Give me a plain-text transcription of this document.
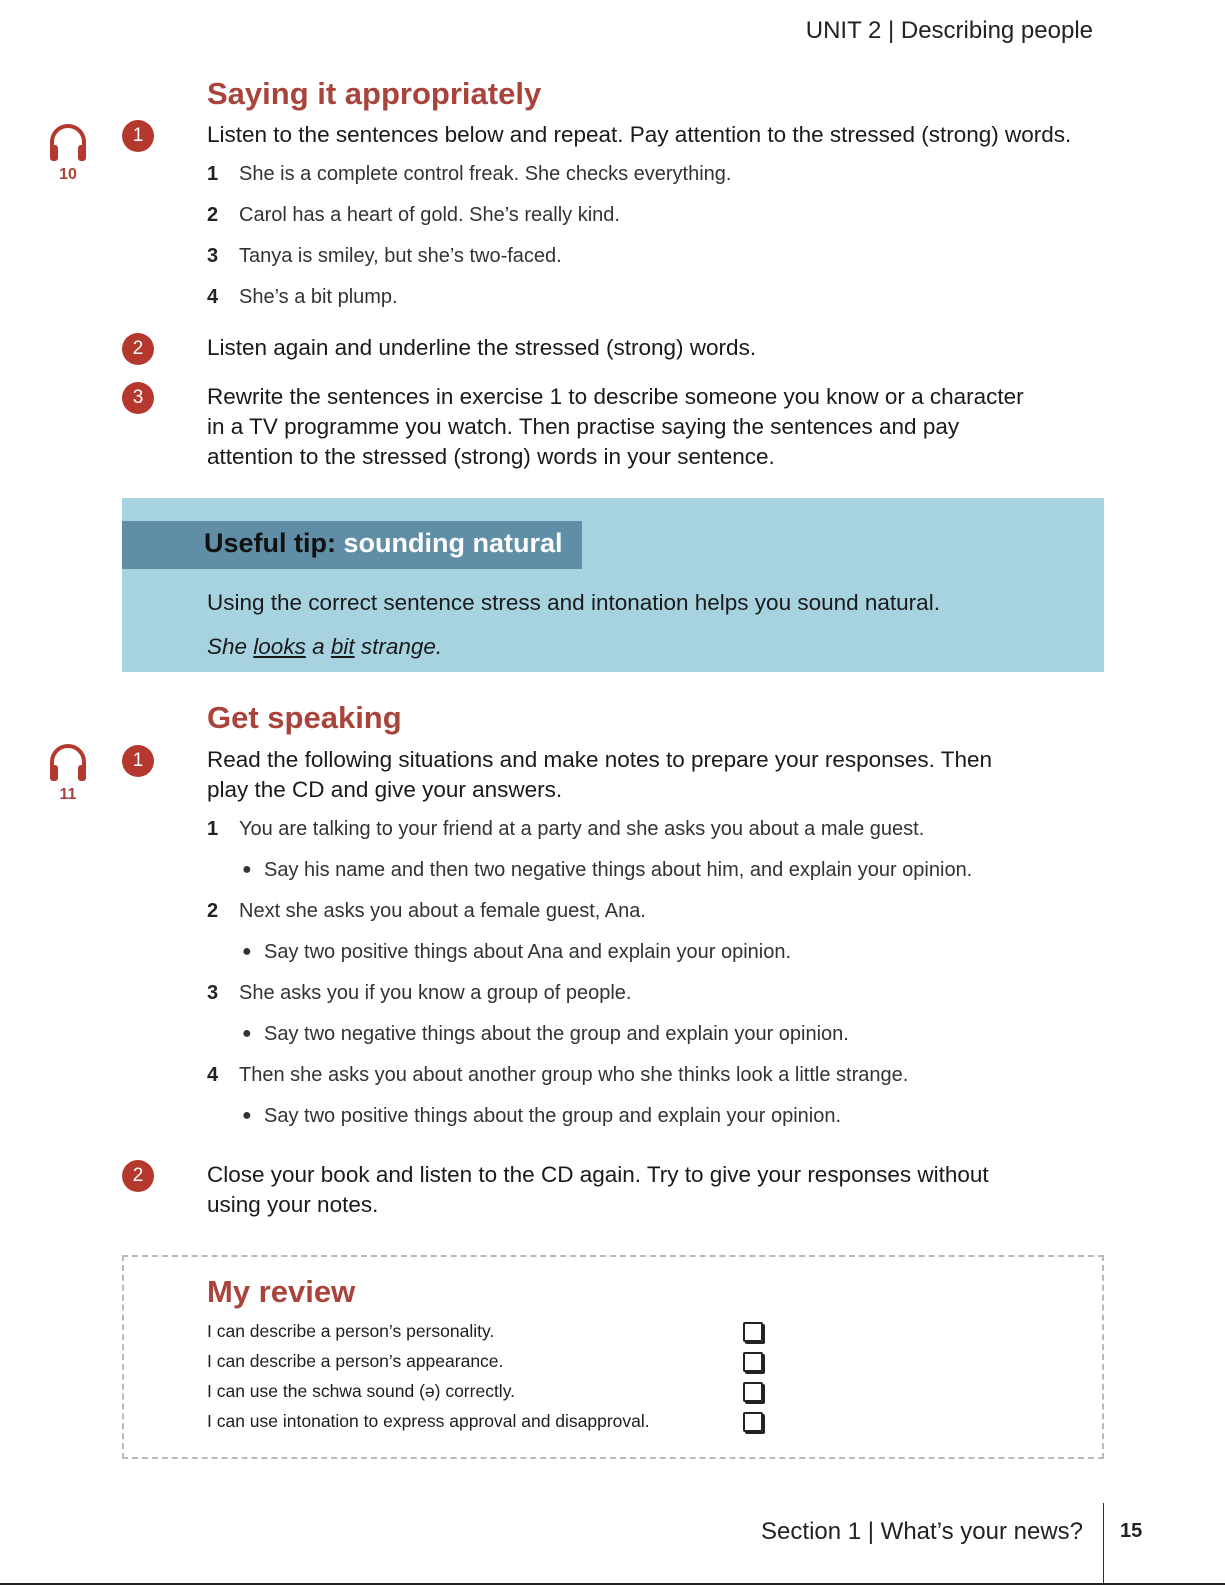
UNIT 2 | Describing people
Saying it appropriately
10
1	Listen to the sentences below and repeat. Pay attention to the stressed (strong) words.
1 She is a complete control freak. She checks everything.
2 Carol has a heart of gold. She’s really kind.
3 Tanya is smiley, but she’s two-faced.
4 She’s a bit plump.
2	Listen again and underline the stressed (strong) words.
3	Rewrite the sentences in exercise 1 to describe someone you know or a character
in a TV programme you watch. Then practise saying the sentences and pay
attention to the stressed (strong) words in your sentence.
Useful tip: sounding natural
Using the correct sentence stress and intonation helps you sound natural.
She looks a bit strange.
Get speaking
11
1	Read the following situations and make notes to prepare your responses. Then
play the CD and give your answers.
1 You are talking to your friend at a party and she asks you about a male guest.
● Say his name and then two negative things about him, and explain your opinion.
2 Next she asks you about a female guest, Ana.
● Say two positive things about Ana and explain your opinion.
3 She asks you if you know a group of people.
● Say two negative things about the group and explain your opinion.
4 Then she asks you about another group who she thinks look a little strange.
● Say two positive things about the group and explain your opinion.
2	Close your book and listen to the CD again. Try to give your responses without
using your notes.
My review
I can describe a person’s personality.
I can describe a person’s appearance.
I can use the schwa sound (ə) correctly.
I can use intonation to express approval and disapproval.
Section 1 | What’s your news? 15
